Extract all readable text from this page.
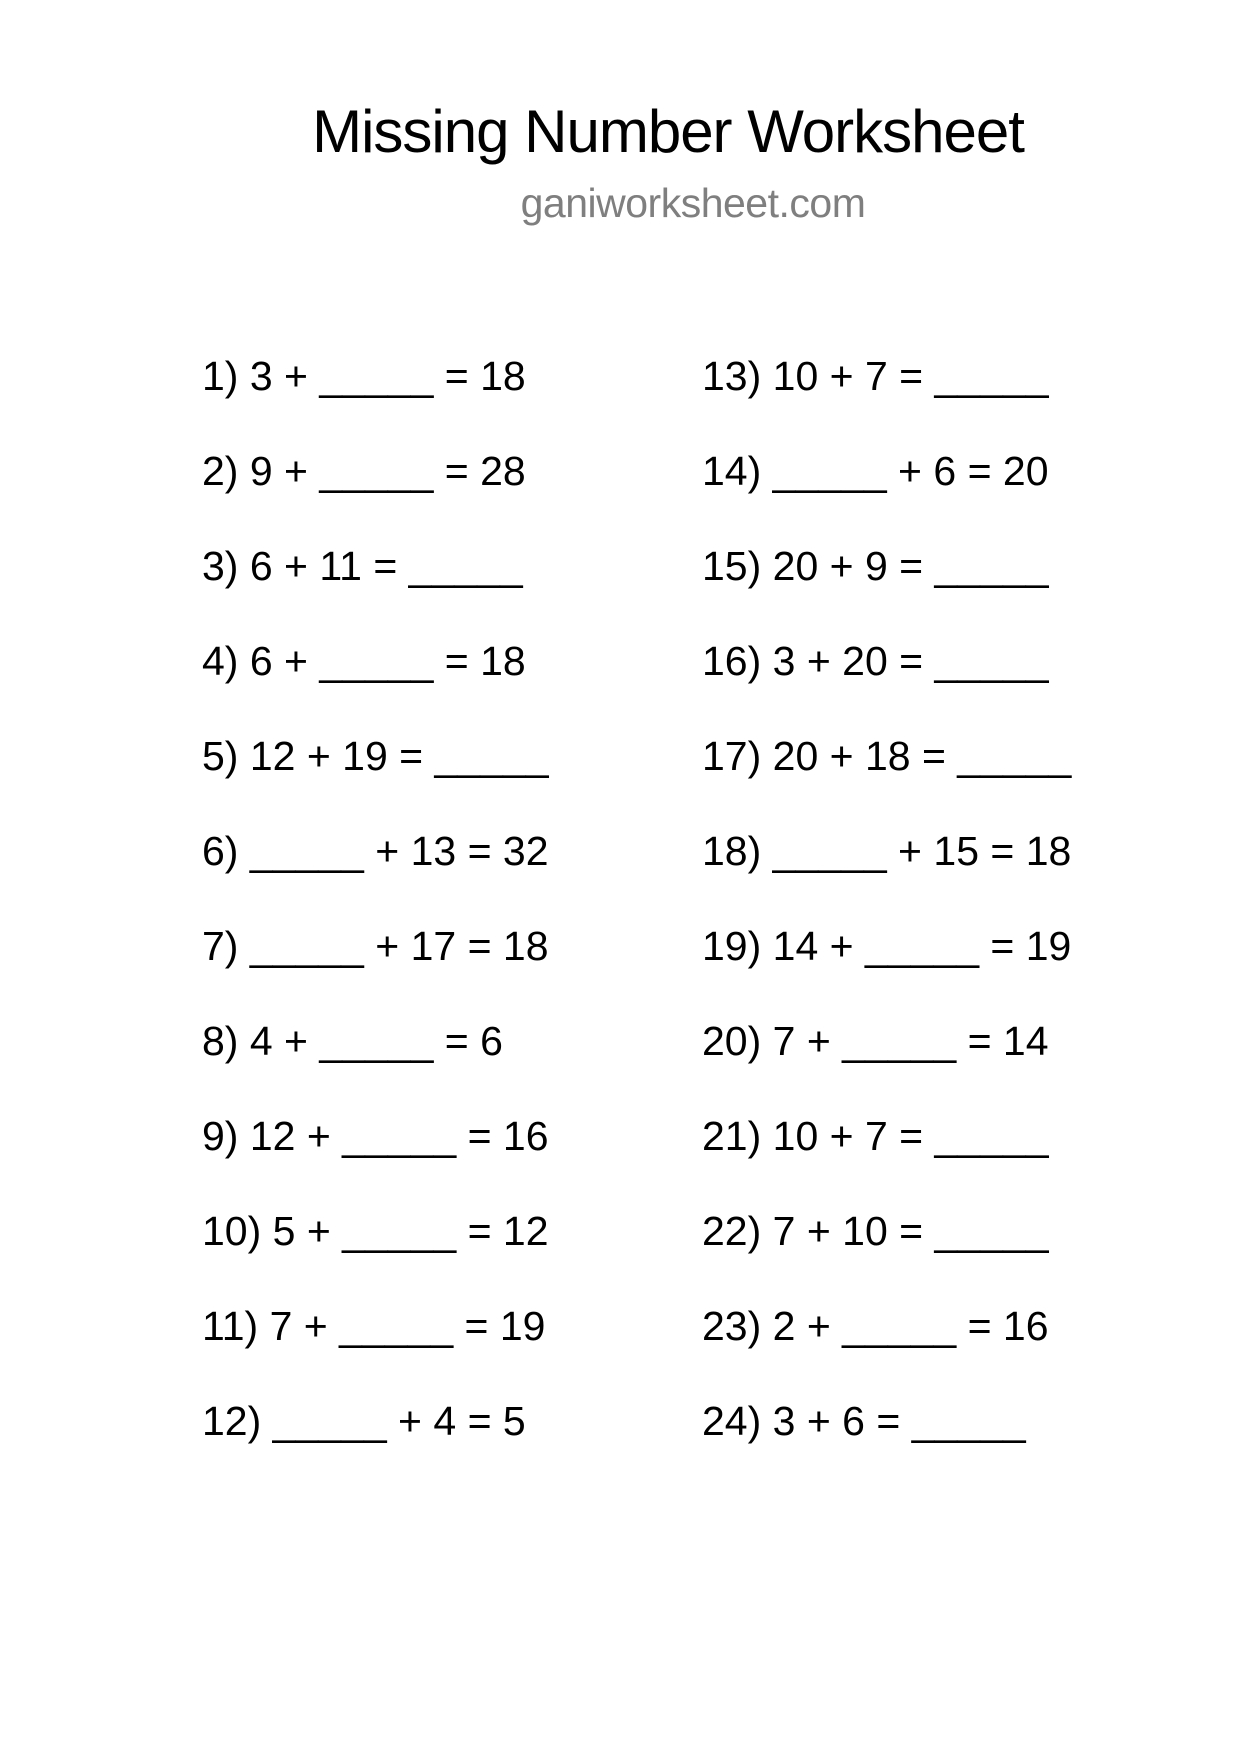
Missing Number Worksheet
ganiworksheet.com
1) 3 + _____ = 18
2) 9 + _____ = 28
3) 6 + 11 = _____
4) 6 + _____ = 18
5) 12 + 19 = _____
6) _____ + 13 = 32
7) _____ + 17 = 18
8) 4 + _____ = 6
9) 12 + _____ = 16
10) 5 + _____ = 12
11) 7 + _____ = 19
12) _____ + 4 = 5
13) 10 + 7 = _____
14) _____ + 6 = 20
15) 20 + 9 = _____
16) 3 + 20 = _____
17) 20 + 18 = _____
18) _____ + 15 = 18
19) 14 + _____ = 19
20) 7 + _____ = 14
21) 10 + 7 = _____
22) 7 + 10 = _____
23) 2 + _____ = 16
24) 3 + 6 = _____
